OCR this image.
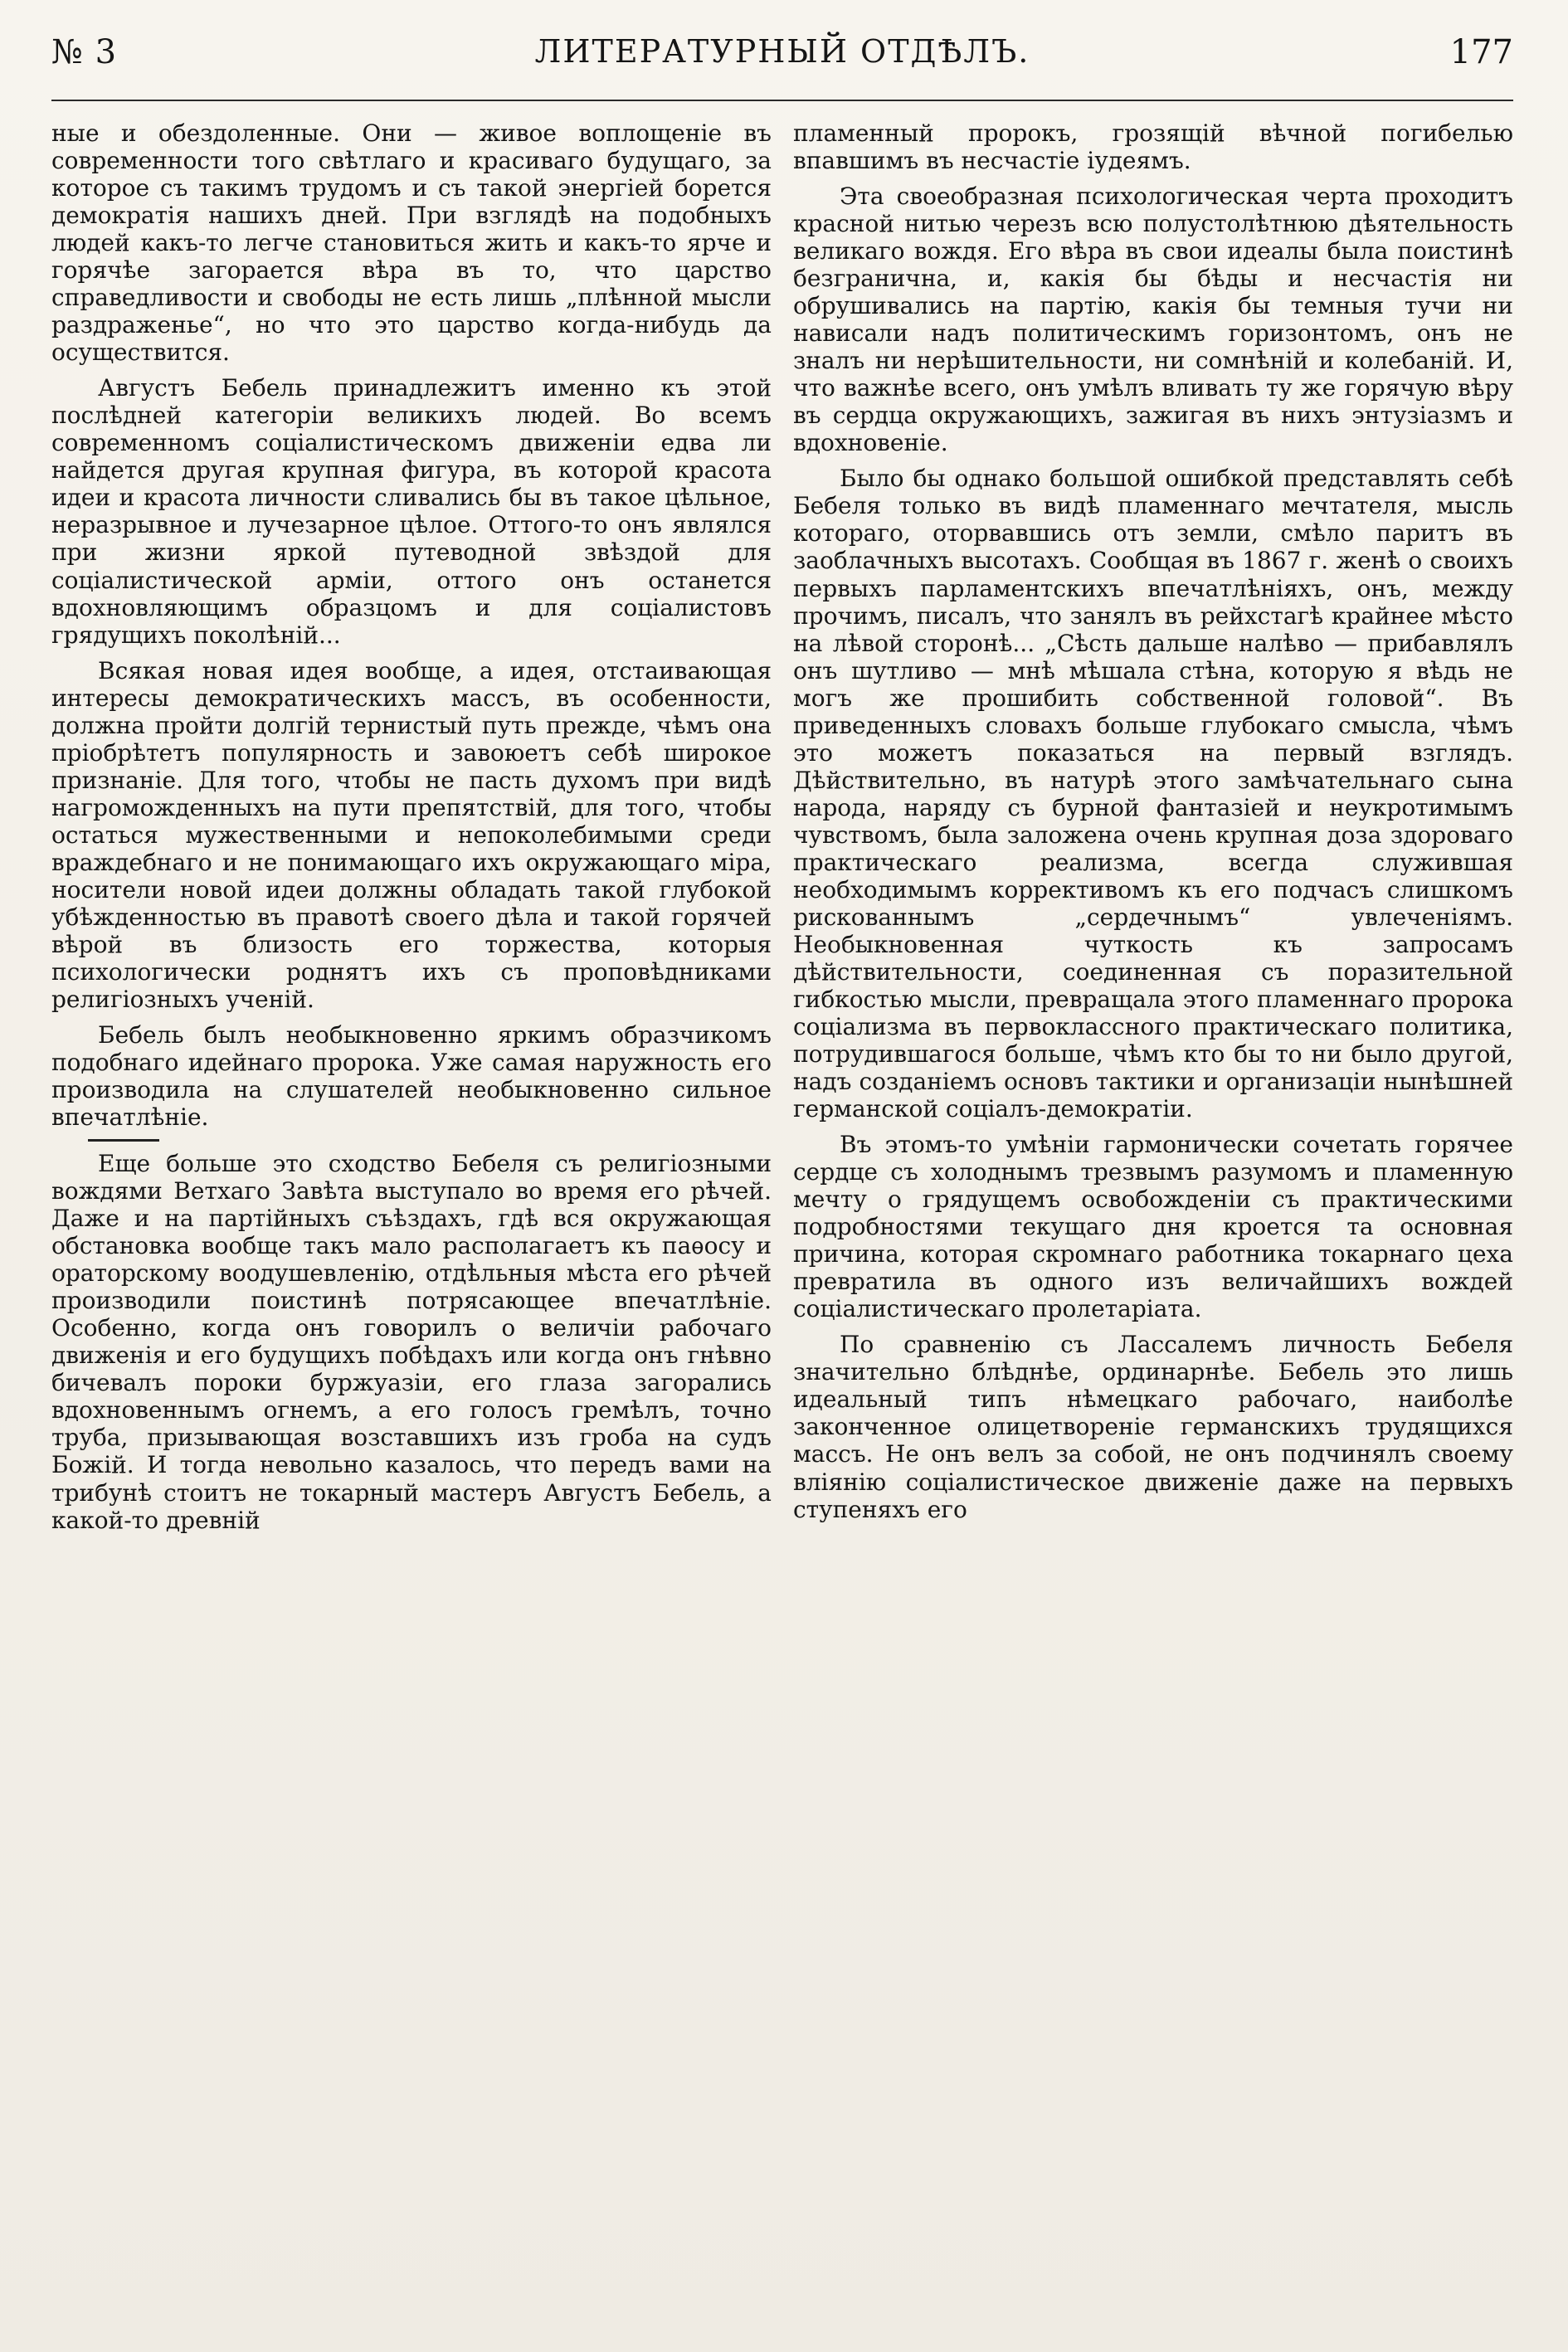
№ 3	ЛИТЕРАТУРНЫЙ ОТДѢЛЪ.	177

ные и обездоленные. Они — живое воплощеніе въ современности того свѣтлаго и красиваго будущаго, за которое съ такимъ трудомъ и съ такой энергіей борется демократія нашихъ дней. При взглядѣ на подобныхъ людей какъ-то легче становиться жить и какъ-то ярче и горячѣе загорается вѣра въ то, что царство справедливости и свободы не есть лишь „плѣнной мысли раздраженье“, но что это царство когда-нибудь да осуществится.

Августъ Бебель принадлежитъ именно къ этой послѣдней категоріи великихъ людей. Во всемъ современномъ соціалистическомъ движеніи едва ли найдется другая крупная фигура, въ которой красота идеи и красота личности сливались бы въ такое цѣльное, неразрывное и лучезарное цѣлое. Оттого-то онъ являлся при жизни яркой путеводной звѣздой для соціалистической арміи, оттого онъ останется вдохновляющимъ образцомъ и для соціалистовъ грядущихъ поколѣній...

Всякая новая идея вообще, а идея, отстаивающая интересы демократическихъ массъ, въ особенности, должна пройти долгій тернистый путь прежде, чѣмъ она пріобрѣтетъ популярность и завоюетъ себѣ широкое признаніе. Для того, чтобы не пасть духомъ при видѣ нагроможденныхъ на пути препятствій, для того, чтобы остаться мужественными и непоколебимыми среди враждебнаго и не понимающаго ихъ окружающаго міра, носители новой идеи должны обладать такой глубокой убѣжденностью въ правотѣ своего дѣла и такой горячей вѣрой въ близость его торжества, которыя психологически роднятъ ихъ съ проповѣдниками религіозныхъ ученій.

Бебель былъ необыкновенно яркимъ образчикомъ подобнаго идейнаго пророка. Уже самая наружность его производила на слушателей необыкновенно сильное впечатлѣніе.

Еще больше это сходство Бебеля съ религіозными вождями Ветхаго Завѣта выступало во время его рѣчей. Даже и на партійныхъ съѣздахъ, гдѣ вся окружающая обстановка вообще такъ мало располагаетъ къ паѳосу и ораторскому воодушевленію, отдѣльныя мѣста его рѣчей производили поистинѣ потрясающее впечатлѣніе. Особенно, когда онъ говорилъ о величіи рабочаго движенія и его будущихъ побѣдахъ или когда онъ гнѣвно бичевалъ пороки буржуазіи, его глаза загорались вдохновеннымъ огнемъ, а его голосъ гремѣлъ, точно труба, призывающая возставшихъ изъ гроба на судъ Божій. И тогда невольно казалось, что передъ вами на трибунѣ стоитъ не токарный мастеръ Августъ Бебель, а какой-то древній

пламенный пророкъ, грозящій вѣчной погибелью впавшимъ въ несчастіе іудеямъ.

Эта своеобразная психологическая черта проходитъ красной нитью черезъ всю полустолѣтнюю дѣятельность великаго вождя. Его вѣра въ свои идеалы была поистинѣ безгранична, и, какія бы бѣды и несчастія ни обрушивались на партію, какія бы темныя тучи ни нависали надъ политическимъ горизонтомъ, онъ не зналъ ни нерѣшительности, ни сомнѣній и колебаній. И, что важнѣе всего, онъ умѣлъ вливать ту же горячую вѣру въ сердца окружающихъ, зажигая въ нихъ энтузіазмъ и вдохновеніе.

Было бы однако большой ошибкой представлять себѣ Бебеля только въ видѣ пламеннаго мечтателя, мысль котораго, оторвавшись отъ земли, смѣло паритъ въ заоблачныхъ высотахъ. Сообщая въ 1867 г. женѣ о своихъ первыхъ парламентскихъ впечатлѣніяхъ, онъ, между прочимъ, писалъ, что занялъ въ рейхстагѣ крайнее мѣсто на лѣвой сторонѣ... „Сѣсть дальше налѣво — прибавлялъ онъ шутливо — мнѣ мѣшала стѣна, которую я вѣдь не могъ же прошибить собственной головой“. Въ приведенныхъ словахъ больше глубокаго смысла, чѣмъ это можетъ показаться на первый взглядъ. Дѣйствительно, въ натурѣ этого замѣчательнаго сына народа, наряду съ бурной фантазіей и неукротимымъ чувствомъ, была заложена очень крупная доза здороваго практическаго реализма, всегда служившая необходимымъ коррективомъ къ его подчасъ слишкомъ рискованнымъ „сердечнымъ“ увлеченіямъ. Необыкновенная чуткость къ запросамъ дѣйствительности, соединенная съ поразительной гибкостью мысли, превращала этого пламеннаго пророка соціализма въ первоклассного практическаго политика, потрудившагося больше, чѣмъ кто бы то ни было другой, надъ созданіемъ основъ тактики и организаціи нынѣшней германской соціалъ-демократіи.

Въ этомъ-то умѣніи гармонически сочетать горячее сердце съ холоднымъ трезвымъ разумомъ и пламенную мечту о грядущемъ освобожденіи съ практическими подробностями текущаго дня кроется та основная причина, которая скромнаго работника токарнаго цеха превратила въ одного изъ величайшихъ вождей соціалистическаго пролетаріата.

По сравненію съ Лассалемъ личность Бебеля значительно блѣднѣе, ординарнѣе. Бебель это лишь идеальный типъ нѣмецкаго рабочаго, наиболѣе законченное олицетвореніе германскихъ трудящихся массъ. Не онъ велъ за собой, не онъ подчинялъ своему вліянію соціалистическое движеніе даже на первыхъ ступеняхъ его
